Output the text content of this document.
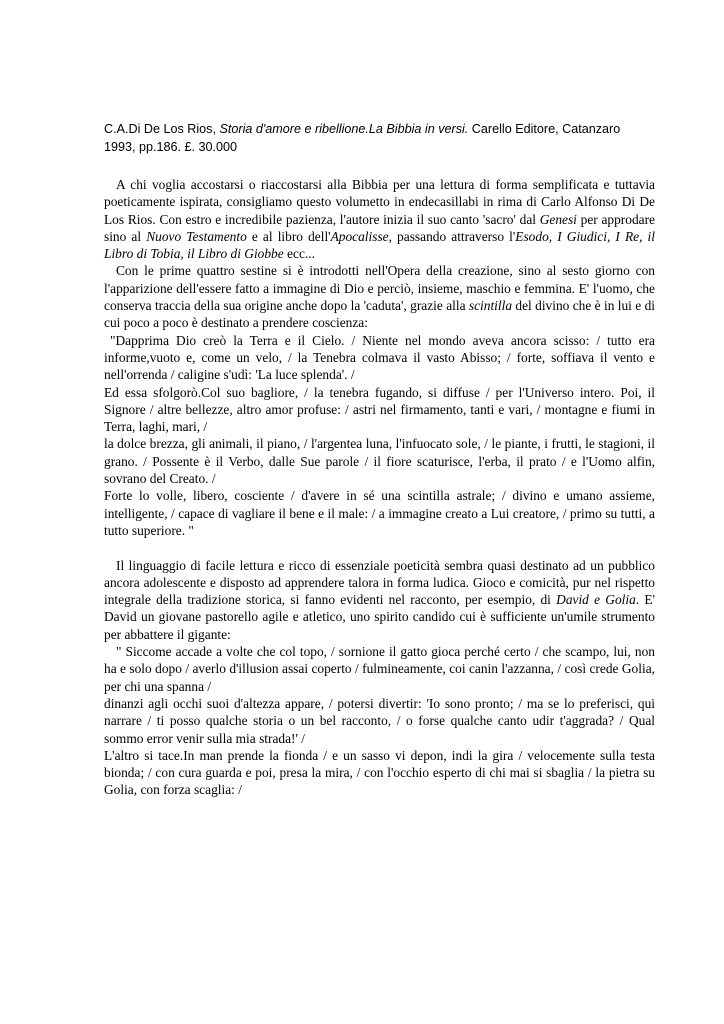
C.A.Di De Los Rios, Storia d'amore e ribellione.La Bibbia in versi. Carello Editore, Catanzaro 1993, pp.186. £. 30.000

A chi voglia accostarsi o riaccostarsi alla Bibbia per una lettura di forma semplificata e tuttavia poeticamente ispirata, consigliamo questo volumetto in endecasillabi in rima di Carlo Alfonso Di De Los Rios. Con estro e incredibile pazienza, l'autore inizia il suo canto 'sacro' dal Genesi per approdare sino al Nuovo Testamento e al libro dell'Apocalisse, passando attraverso l'Esodo, I Giudici, I Re, il Libro di Tobia, il Libro di Giobbe ecc...

Con le prime quattro sestine si è introdotti nell'Opera della creazione, sino al sesto giorno con l'apparizione dell'essere fatto a immagine di Dio e perciò, insieme, maschio e femmina. E' l'uomo, che conserva traccia della sua origine anche dopo la 'caduta', grazie alla scintilla del divino che è in lui e di cui poco a poco è destinato a prendere coscienza:

"Dapprima Dio creò la Terra e il Cielo. / Niente nel mondo aveva ancora scisso: / tutto era informe,vuoto e, come un velo, / la Tenebra colmava il vasto Abisso; / forte, soffiava il vento e nell'orrenda / caligine s'udì: 'La luce splenda'. /

Ed essa sfolgorò.Col suo bagliore, / la tenebra fugando, si diffuse / per l'Universo intero. Poi, il Signore / altre bellezze, altro amor profuse: / astri nel firmamento, tanti e vari, / montagne e fiumi in Terra, laghi, mari, /

la dolce brezza, gli animali, il piano, / l'argentea luna, l'infuocato sole, / le piante, i frutti, le stagioni, il grano. / Possente è il Verbo, dalle Sue parole / il fiore scaturisce, l'erba, il prato / e l'Uomo alfin, sovrano del Creato. /

Forte lo volle, libero, cosciente / d'avere in sé una scintilla astrale; / divino e umano assieme, intelligente, / capace di vagliare il bene e il male: / a immagine creato a Lui creatore, / primo su tutti, a tutto superiore. "

Il linguaggio di facile lettura e ricco di essenziale poeticità sembra quasi destinato ad un pubblico ancora adolescente e disposto ad apprendere talora in forma ludica. Gioco e comicità, pur nel rispetto integrale della tradizione storica, si fanno evidenti nel racconto, per esempio, di David e Golia. E' David un giovane pastorello agile e atletico, uno spirito candido cui è sufficiente un'umile strumento per abbattere il gigante:

" Siccome accade a volte che col topo, / sornione il gatto gioca perché certo / che scampo, lui, non ha e solo dopo / averlo d'illusion assai coperto / fulmineamente, coi canin l'azzanna, / così crede Golia, per chi una spanna /

dinanzi agli occhi suoi d'altezza appare, / potersi divertir: 'Io sono pronto; / ma se lo preferisci, qui narrare / ti posso qualche storia o un bel racconto, / o forse qualche canto udir t'aggrada? / Qual sommo error venir sulla mia strada!' /

L'altro si tace.In man prende la fionda / e un sasso vi depon, indi la gira / velocemente sulla testa bionda; / con cura guarda e poi, presa la mira, / con l'occhio esperto di chi mai si sbaglia / la pietra su Golia, con forza scaglia: /
